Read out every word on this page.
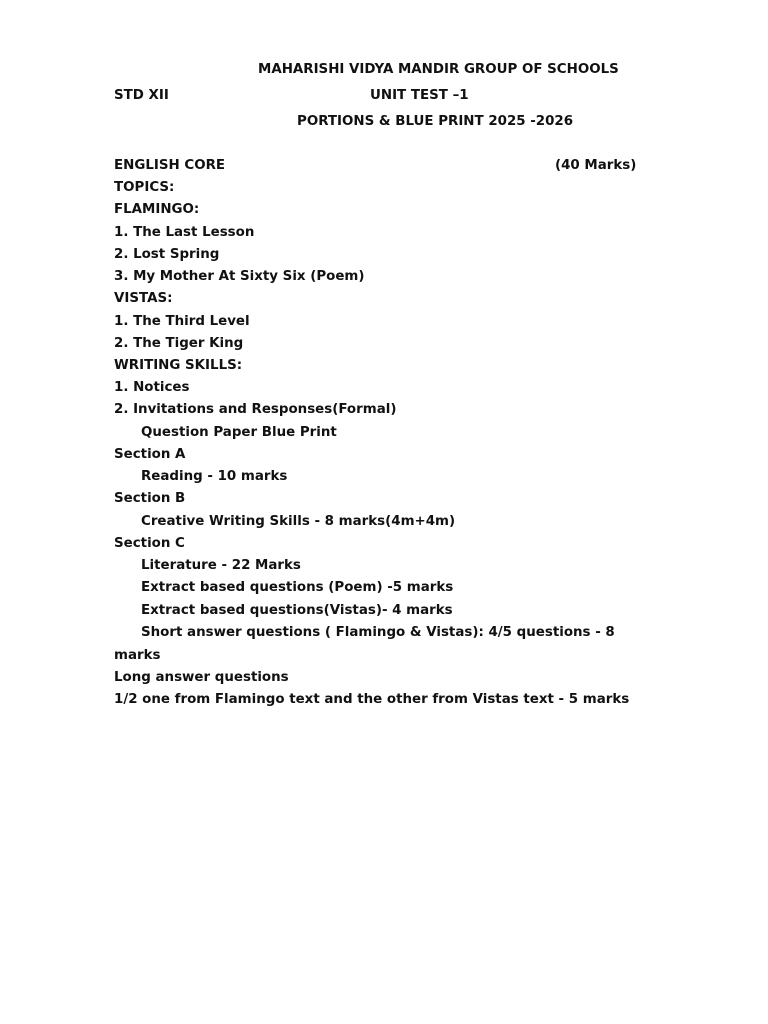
MAHARISHI VIDYA MANDIR GROUP OF SCHOOLS
STD XII	UNIT TEST –1
PORTIONS & BLUE PRINT 2025 -2026
ENGLISH CORE	(40 Marks)
TOPICS:
FLAMINGO:
1. The Last Lesson
2. Lost Spring
3. My Mother At Sixty Six (Poem)
VISTAS:
1. The Third Level
2. The Tiger King
WRITING SKILLS:
1. Notices
2. Invitations and Responses(Formal)
Question Paper Blue Print
Section A
Reading - 10 marks
Section B
Creative Writing Skills - 8 marks(4m+4m)
Section C
Literature - 22 Marks
Extract based questions (Poem) -5 marks
Extract based questions(Vistas)- 4 marks
Short answer questions ( Flamingo & Vistas): 4/5 questions - 8
marks
Long answer questions
1/2 one from Flamingo text and the other from Vistas text - 5 marks
